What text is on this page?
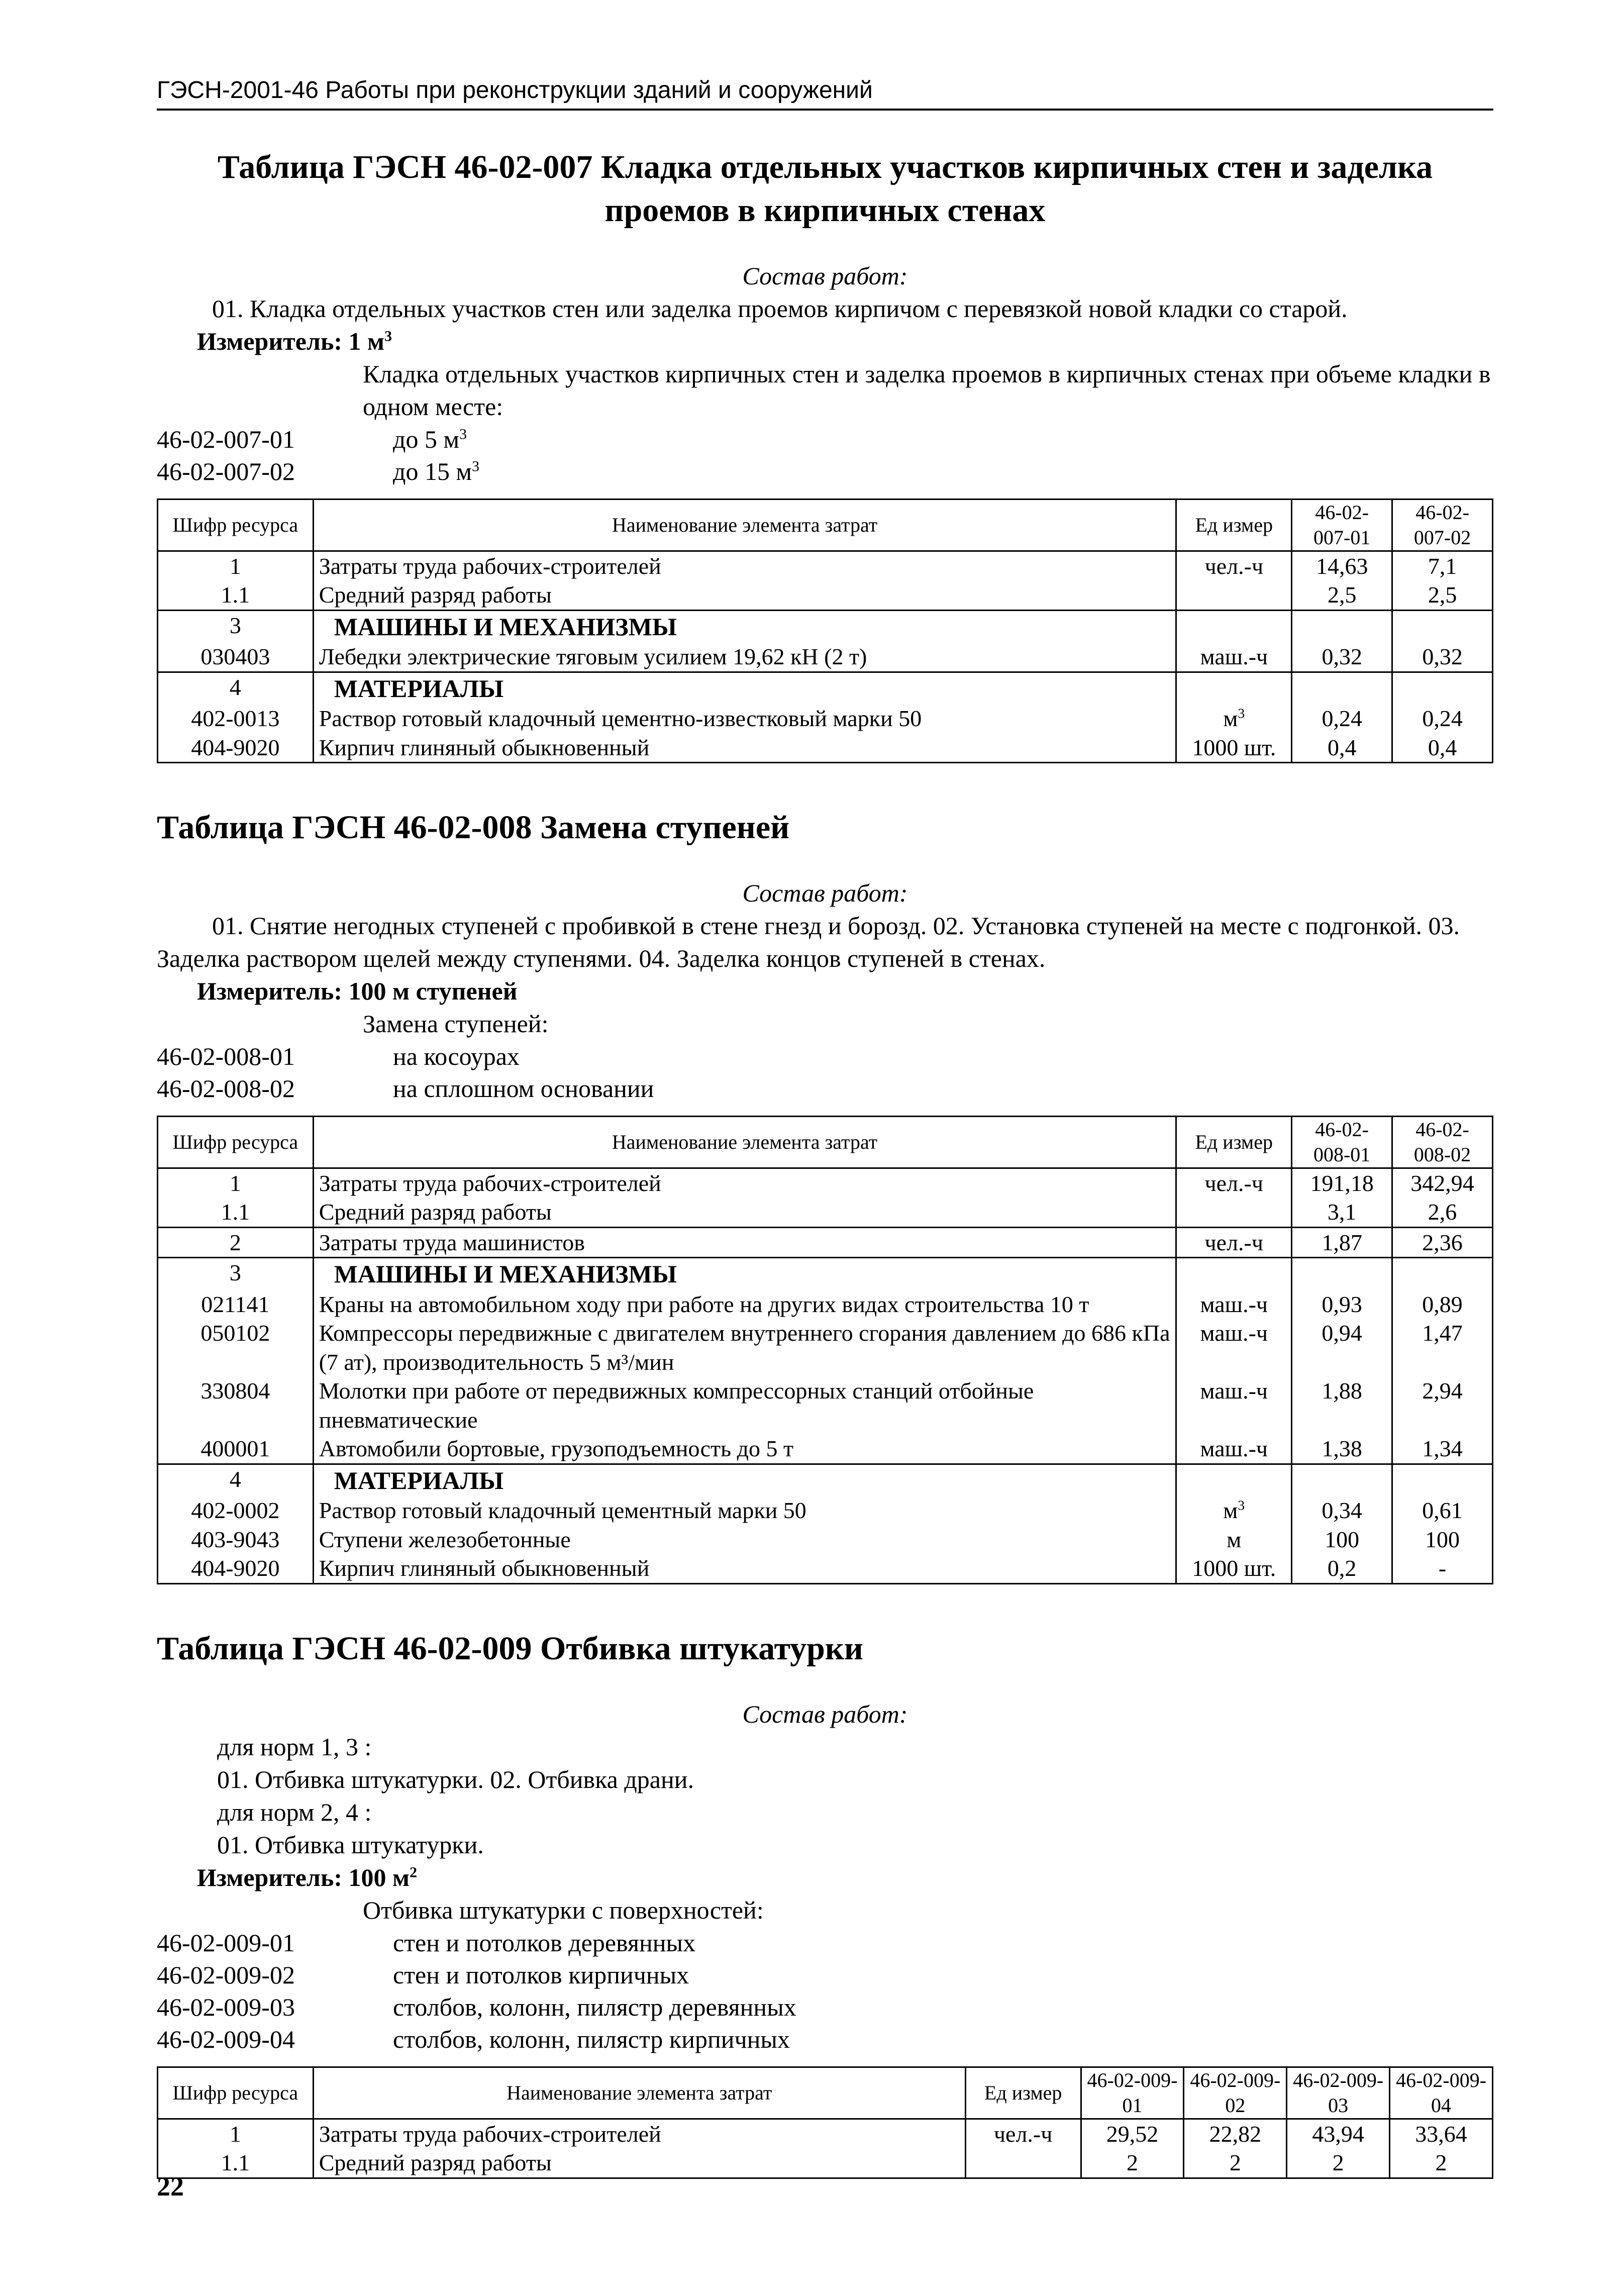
ГЭСН-2001-46 Работы при реконструкции зданий и сооружений
Таблица ГЭСН 46-02-007 Кладка отдельных участков кирпичных стен и заделка проемов в кирпичных стенах
Состав работ:
01. Кладка отдельных участков стен или заделка проемов кирпичом с перевязкой новой кладки со старой.
Измеритель: 1 $м^3$
Кладка отдельных участков кирпичных стен и заделка проемов в кирпичных стенах при объеме кладки в одном месте:
46-02-007-01	до 5 $м^3$
46-02-007-02	до 15 $м^3$
Шифр ресурса	Наименование элемента затрат	Ед измер	46-02-007-01	46-02-007-02
1	Затраты труда рабочих-строителей	чел.-ч	14,63	7,1
1.1	Средний разряд работы		2,5	2,5
3	МАШИНЫ И МЕХАНИЗМЫ			
030403	Лебедки электрические тяговым усилием 19,62 кН (2 т)	маш.-ч	0,32	0,32
4	МАТЕРИАЛЫ			
402-0013	Раствор готовый кладочный цементно-известковый марки 50	$м^3$	0,24	0,24
404-9020	Кирпич глиняный обыкновенный	1000 шт.	0,4	0,4
Таблица ГЭСН 46-02-008 Замена ступеней
Состав работ:
01. Снятие негодных ступеней с пробивкой в стене гнезд и борозд. 02. Установка ступеней на месте с подгонкой. 03. Заделка раствором щелей между ступенями. 04. Заделка концов ступеней в стенах.
Измеритель: 100 м ступеней
Замена ступеней:
46-02-008-01	на косоурах
46-02-008-02	на сплошном основании
Шифр ресурса	Наименование элемента затрат	Ед измер	46-02-008-01	46-02-008-02
1	Затраты труда рабочих-строителей	чел.-ч	191,18	342,94
1.1	Средний разряд работы		3,1	2,6
2	Затраты труда машинистов	чел.-ч	1,87	2,36
3	МАШИНЫ И МЕХАНИЗМЫ			
021141	Краны на автомобильном ходу при работе на других видах строительства 10 т	маш.-ч	0,93	0,89
050102	Компрессоры передвижные с двигателем внутреннего сгорания давлением до 686 кПа (7 ат), производительность 5 м³/мин	маш.-ч	0,94	1,47
330804	Молотки при работе от передвижных компрессорных станций отбойные пневматические	маш.-ч	1,88	2,94
400001	Автомобили бортовые, грузоподъемность до 5 т	маш.-ч	1,38	1,34
4	МАТЕРИАЛЫ			
402-0002	Раствор готовый кладочный цементный марки 50	$м^3$	0,34	0,61
403-9043	Ступени железобетонные	м	100	100
404-9020	Кирпич глиняный обыкновенный	1000 шт.	0,2	-
Таблица ГЭСН 46-02-009 Отбивка штукатурки
Состав работ:
для норм 1, 3 :
01. Отбивка штукатурки. 02. Отбивка драни.
для норм 2, 4 :
01. Отбивка штукатурки.
Измеритель: 100 $м^2$
Отбивка штукатурки с поверхностей:
46-02-009-01	стен и потолков деревянных
46-02-009-02	стен и потолков кирпичных
46-02-009-03	столбов, колонн, пилястр деревянных
46-02-009-04	столбов, колонн, пилястр кирпичных
Шифр ресурса	Наименование элемента затрат	Ед измер	46-02-009-01	46-02-009-02	46-02-009-03	46-02-009-04
1	Затраты труда рабочих-строителей	чел.-ч	29,52	22,82	43,94	33,64
1.1	Средний разряд работы		2	2	2	2
22
